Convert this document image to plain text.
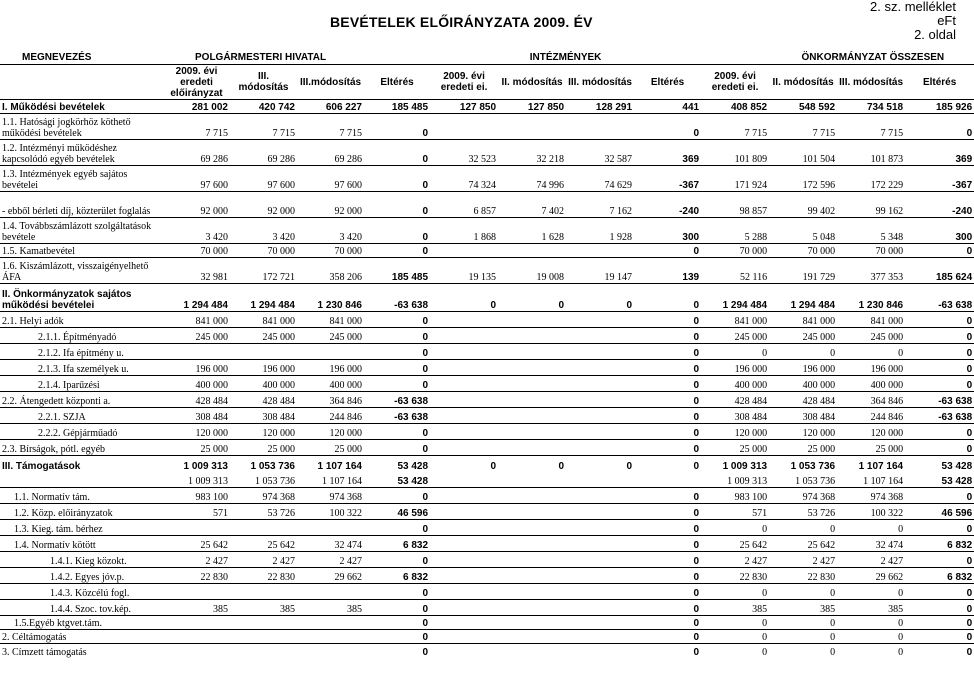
BEVÉTELEK ELŐIRÁNYZATA 2009. ÉV
2. sz. melléklet
eFt
2. oldal
MEGNEVEZÉS	POLGÁRMESTERI HIVATAL				INTÉZMÉNYEK				ÖNKORMÁNYZAT ÖSSZESEN			
	2009. évi eredeti előirányzat	III. módosítás	III.módosítás	Eltérés	2009. évi eredeti ei.	II. módosítás	III. módosítás	Eltérés	2009. évi eredeti ei.	II. módosítás	III. módosítás	Eltérés

I. Működési bevételek	281 002	420 742	606 227	185 485	127 850	127 850	128 291	441	408 852	548 592	734 518	185 926

1.1. Hatósági jogkörhöz köthető
működési bevételek	7 715	7 715	7 715	0				0	7 715	7 715	7 715	0

1.2. Intézményi működéshez
kapcsolódó egyéb bevételek	69 286	69 286	69 286	0	32 523	32 218	32 587	369	101 809	101 504	101 873	369

1.3. Intézmények egyéb sajátos
bevételei	97 600	97 600	97 600	0	74 324	74 996	74 629	-367	171 924	172 596	172 229	-367

- ebből bérleti díj, közterület foglalás	92 000	92 000	92 000	0	6 857	7 402	7 162	-240	98 857	99 402	99 162	-240

1.4. Továbbszámlázott szolgáltatások
bevétele	3 420	3 420	3 420	0	1 868	1 628	1 928	300	5 288	5 048	5 348	300

1.5. Kamatbevétel	70 000	70 000	70 000	0				0	70 000	70 000	70 000	0

1.6. Kiszámlázott, visszaigényelhető
ÁFA	32 981	172 721	358 206	185 485	19 135	19 008	19 147	139	52 116	191 729	377 353	185 624

II. Önkormányzatok sajátos
működési bevételei	1 294 484	1 294 484	1 230 846	-63 638	0	0	0	0	1 294 484	1 294 484	1 230 846	-63 638

2.1. Helyi adók	841 000	841 000	841 000	0				0	841 000	841 000	841 000	0

2.1.1. Építményadó	245 000	245 000	245 000	0				0	245 000	245 000	245 000	0

2.1.2. Ifa építmény u.				0				0	0	0	0	0

2.1.3. Ifa személyek u.	196 000	196 000	196 000	0				0	196 000	196 000	196 000	0

2.1.4. Iparűzési	400 000	400 000	400 000	0				0	400 000	400 000	400 000	0

2.2. Átengedett központi a.	428 484	428 484	364 846	-63 638				0	428 484	428 484	364 846	-63 638

2.2.1. SZJA	308 484	308 484	244 846	-63 638				0	308 484	308 484	244 846	-63 638

2.2.2. Gépjárműadó	120 000	120 000	120 000	0				0	120 000	120 000	120 000	0

2.3. Bírságok, pótl. egyéb	25 000	25 000	25 000	0				0	25 000	25 000	25 000	0

III. Támogatások	1 009 313	1 053 736	1 107 164	53 428	0	0	0	0	1 009 313	1 053 736	1 107 164	53 428

	1 009 313	1 053 736	1 107 164	53 428					1 009 313	1 053 736	1 107 164	53 428

1.1. Normatív tám.	983 100	974 368	974 368	0				0	983 100	974 368	974 368	0

1.2. Közp. előirányzatok	571	53 726	100 322	46 596				0	571	53 726	100 322	46 596

1.3. Kieg. tám. bérhez				0				0	0	0	0	0

1.4. Normatív kötött	25 642	25 642	32 474	6 832				0	25 642	25 642	32 474	6 832

1.4.1. Kieg közokt.	2 427	2 427	2 427	0				0	2 427	2 427	2 427	0

1.4.2. Egyes jóv.p.	22 830	22 830	29 662	6 832				0	22 830	22 830	29 662	6 832

1.4.3. Közcélú fogl.				0				0	0	0	0	0

1.4.4. Szoc. tov.kép.	385	385	385	0				0	385	385	385	0

1.5.Egyéb ktgvet.tám.				0				0	0	0	0	0

2. Céltámogatás				0				0	0	0	0	0

3. Címzett támogatás				0				0	0	0	0	0
